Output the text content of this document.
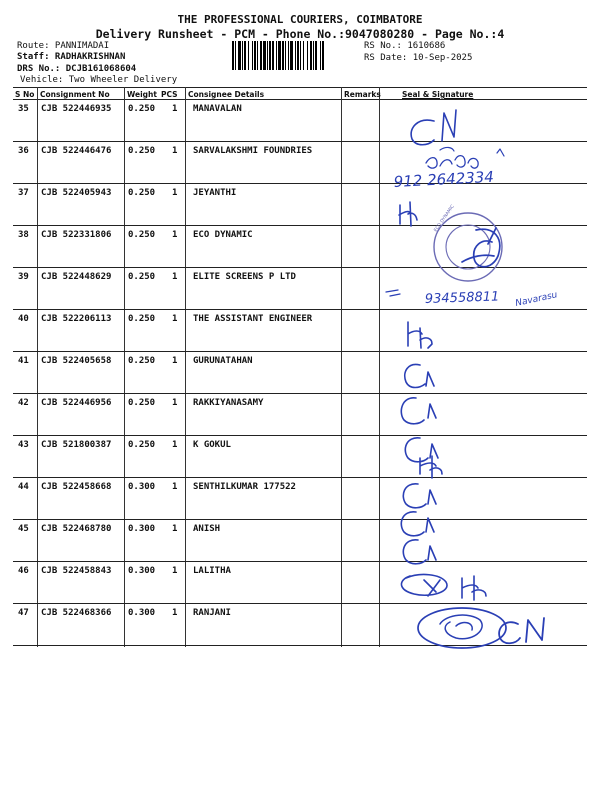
THE PROFESSIONAL COURIERS, COIMBATORE
Delivery Runsheet - PCM - Phone No.:9047080280 - Page No.:4
Route: PANNIMADAI
Staff: RADHAKRISHNAN
DRS No.: DCJB161068604
Vehicle: Two Wheeler Delivery
RS No.: 1610686
RS Date: 10-Sep-2025
S No Consignment No Weight PCS Consignee Details	Remarks	Seal & Signature
35 CJB 522446935 0.250 1 MANAVALAN
36 CJB 522446476 0.250 1 SARVALAKSHMI FOUNDRIES
37 CJB 522405943 0.250 1 JEYANTHI
38 CJB 522331806 0.250 1 ECO DYNAMIC
39 CJB 522448629 0.250 1 ELITE SCREENS P LTD
40 CJB 522206113 0.250 1 THE ASSISTANT ENGINEER
41 CJB 522405658 0.250 1 GURUNATAHAN
42 CJB 522446956 0.250 1 RAKKIYANASAMY
43 CJB 521800387 0.250 1 K GOKUL
44 CJB 522458668 0.300 1 SENTHILKUMAR 177522
45 CJB 522468780 0.300 1 ANISH
46 CJB 522458843 0.300 1 LALITHA
47 CJB 522468366 0.300 1 RANJANI
912 2642334
ECO DYNAMIC
934558811 Navarasu
